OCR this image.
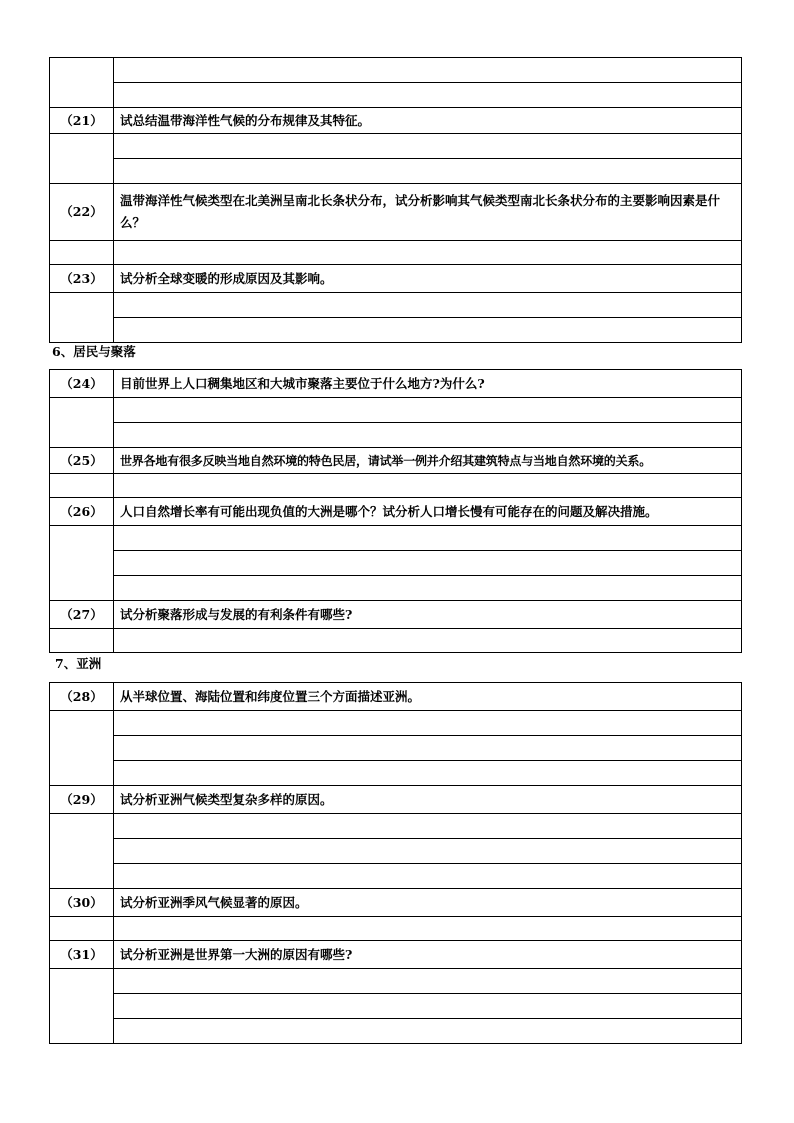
（21）	试总结温带海洋性气候的分布规律及其特征。

（22）	温带海洋性气候类型在北美洲呈南北长条状分布，试分析影响其气候类型南北长条状分布的主要影响因素是什么？

（23）	试分析全球变暖的形成原因及其影响。

6、居民与聚落
（24）	目前世界上人口稠集地区和大城市聚落主要位于什么地方?为什么?

（25）	世界各地有很多反映当地自然环境的特色民居，请试举一例并介绍其建筑特点与当地自然环境的关系。

（26）	人口自然增长率有可能出现负值的大洲是哪个？试分析人口增长慢有可能存在的问题及解决措施。

（27）	试分析聚落形成与发展的有利条件有哪些?

7、亚洲
（28）	从半球位置、海陆位置和纬度位置三个方面描述亚洲。

（29）	试分析亚洲气候类型复杂多样的原因。

（30）	试分析亚洲季风气候显著的原因。

（31）	试分析亚洲是世界第一大洲的原因有哪些?
